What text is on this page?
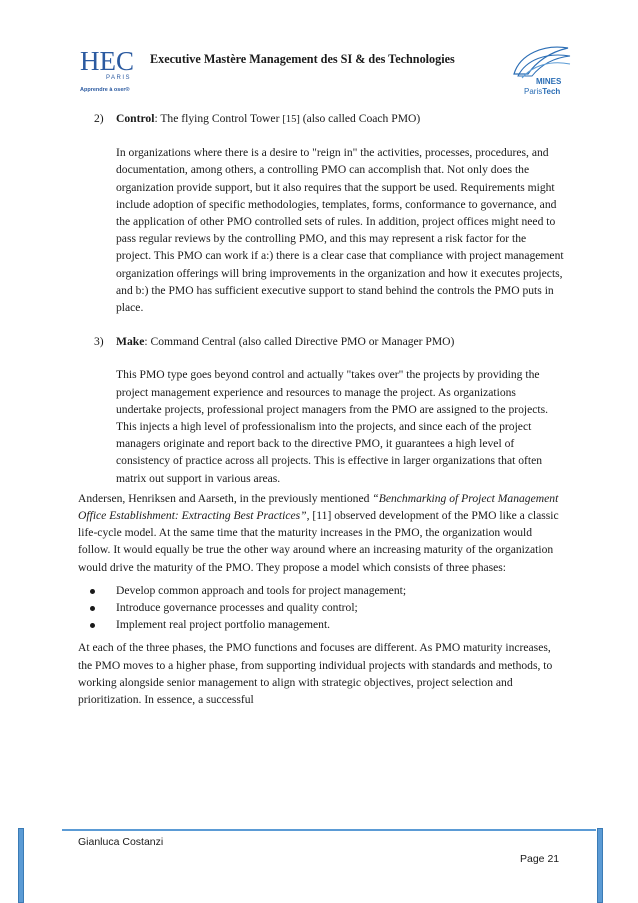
HEC
PARIS
Apprendre à oser®
Executive Mastère Management des SI & des Technologies
MINES
ParisTech

2) Control: The flying Control Tower [15] (also called Coach PMO)

In organizations where there is a desire to "reign in" the activities, processes, procedures, and documentation, among others, a controlling PMO can accomplish that. Not only does the organization provide support, but it also requires that the support be used. Requirements might include adoption of specific methodologies, templates, forms, conformance to governance, and the application of other PMO controlled sets of rules. In addition, project offices might need to pass regular reviews by the controlling PMO, and this may represent a risk factor for the project. This PMO can work if a:) there is a clear case that compliance with project management organization offerings will bring improvements in the organization and how it executes projects, and b:) the PMO has sufficient executive support to stand behind the controls the PMO puts in place.

3) Make: Command Central (also called Directive PMO or Manager PMO)

This PMO type goes beyond control and actually "takes over" the projects by providing the project management experience and resources to manage the project. As organizations undertake projects, professional project managers from the PMO are assigned to the projects. This injects a high level of professionalism into the projects, and since each of the project managers originate and report back to the directive PMO, it guarantees a high level of consistency of practice across all projects. This is effective in larger organizations that often matrix out support in various areas.

Andersen, Henriksen and Aarseth, in the previously mentioned “Benchmarking of Project Management Office Establishment: Extracting Best Practices”, [11] observed development of the PMO like a classic life-cycle model. At the same time that the maturity increases in the PMO, the organization would follow. It would equally be true the other way around where an increasing maturity of the organization would drive the maturity of the PMO. They propose a model which consists of three phases:

Develop common approach and tools for project management;
Introduce governance processes and quality control;
Implement real project portfolio management.

At each of the three phases, the PMO functions and focuses are different. As PMO maturity increases, the PMO moves to a higher phase, from supporting individual projects with standards and methods, to working alongside senior management to align with strategic objectives, project selection and prioritization. In essence, a successful

Gianluca Costanzi
Page 21
